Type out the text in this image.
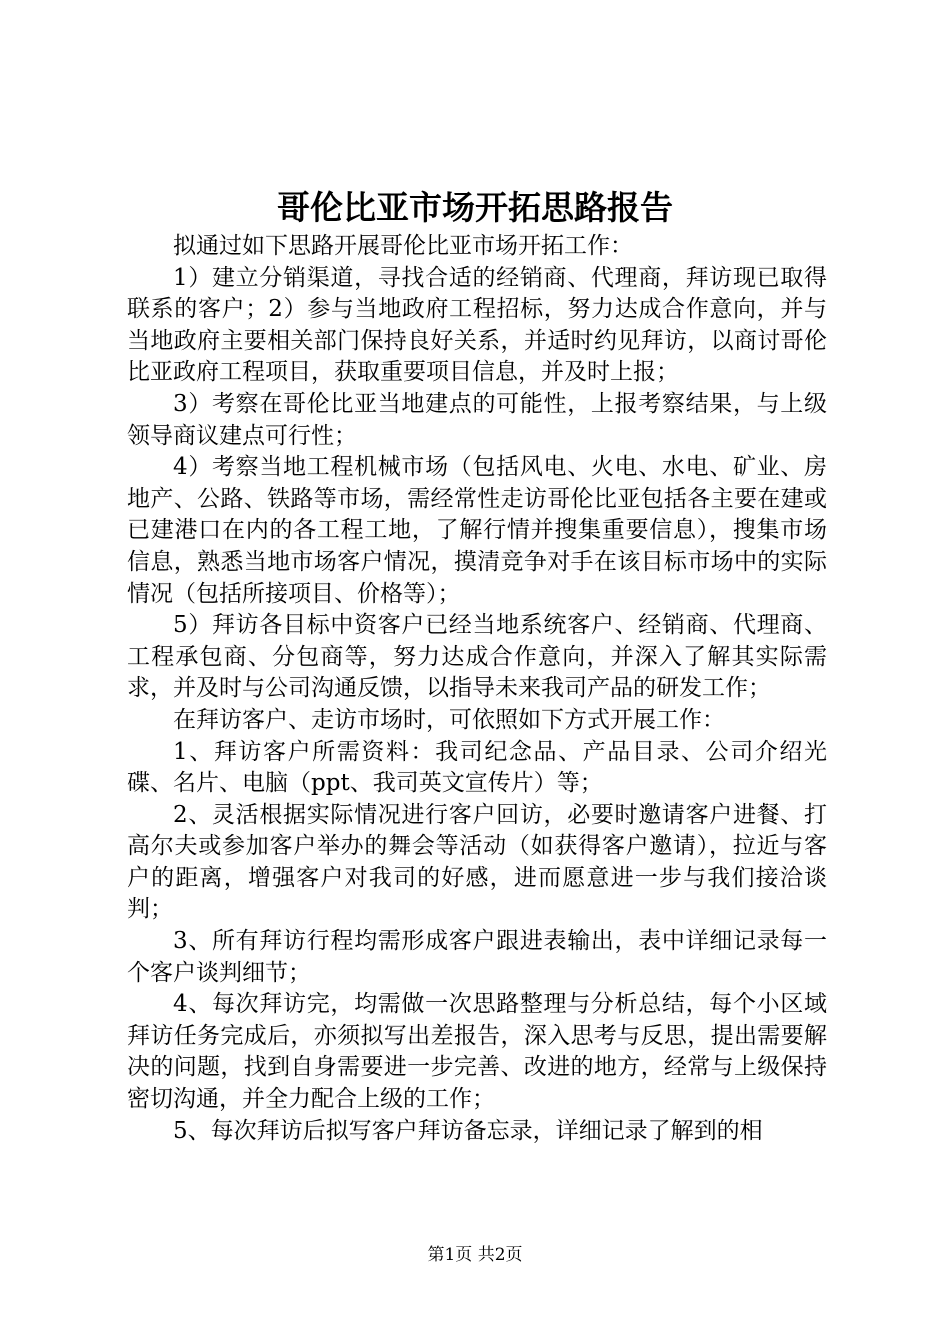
哥伦比亚市场开拓思路报告

拟通过如下思路开展哥伦比亚市场开拓工作：

1）建立分销渠道，寻找合适的经销商、代理商，拜访现已取得联系的客户；2）参与当地政府工程招标，努力达成合作意向，并与当地政府主要相关部门保持良好关系，并适时约见拜访，以商讨哥伦比亚政府工程项目，获取重要项目信息，并及时上报；

3）考察在哥伦比亚当地建点的可能性，上报考察结果，与上级领导商议建点可行性；

4）考察当地工程机械市场（包括风电、火电、水电、矿业、房地产、公路、铁路等市场，需经常性走访哥伦比亚包括各主要在建或已建港口在内的各工程工地，了解行情并搜集重要信息），搜集市场信息，熟悉当地市场客户情况，摸清竞争对手在该目标市场中的实际情况（包括所接项目、价格等）；

5）拜访各目标中资客户已经当地系统客户、经销商、代理商、工程承包商、分包商等，努力达成合作意向，并深入了解其实际需求，并及时与公司沟通反馈，以指导未来我司产品的研发工作；

在拜访客户、走访市场时，可依照如下方式开展工作：

1、拜访客户所需资料：我司纪念品、产品目录、公司介绍光碟、名片、电脑（ppt、我司英文宣传片）等；

2、灵活根据实际情况进行客户回访，必要时邀请客户进餐、打高尔夫或参加客户举办的舞会等活动（如获得客户邀请），拉近与客户的距离，增强客户对我司的好感，进而愿意进一步与我们接洽谈判；

3、所有拜访行程均需形成客户跟进表输出，表中详细记录每一个客户谈判细节；

4、每次拜访完，均需做一次思路整理与分析总结，每个小区域拜访任务完成后，亦须拟写出差报告，深入思考与反思，提出需要解决的问题，找到自身需要进一步完善、改进的地方，经常与上级保持密切沟通，并全力配合上级的工作；

5、每次拜访后拟写客户拜访备忘录，详细记录了解到的相

第1页 共2页
